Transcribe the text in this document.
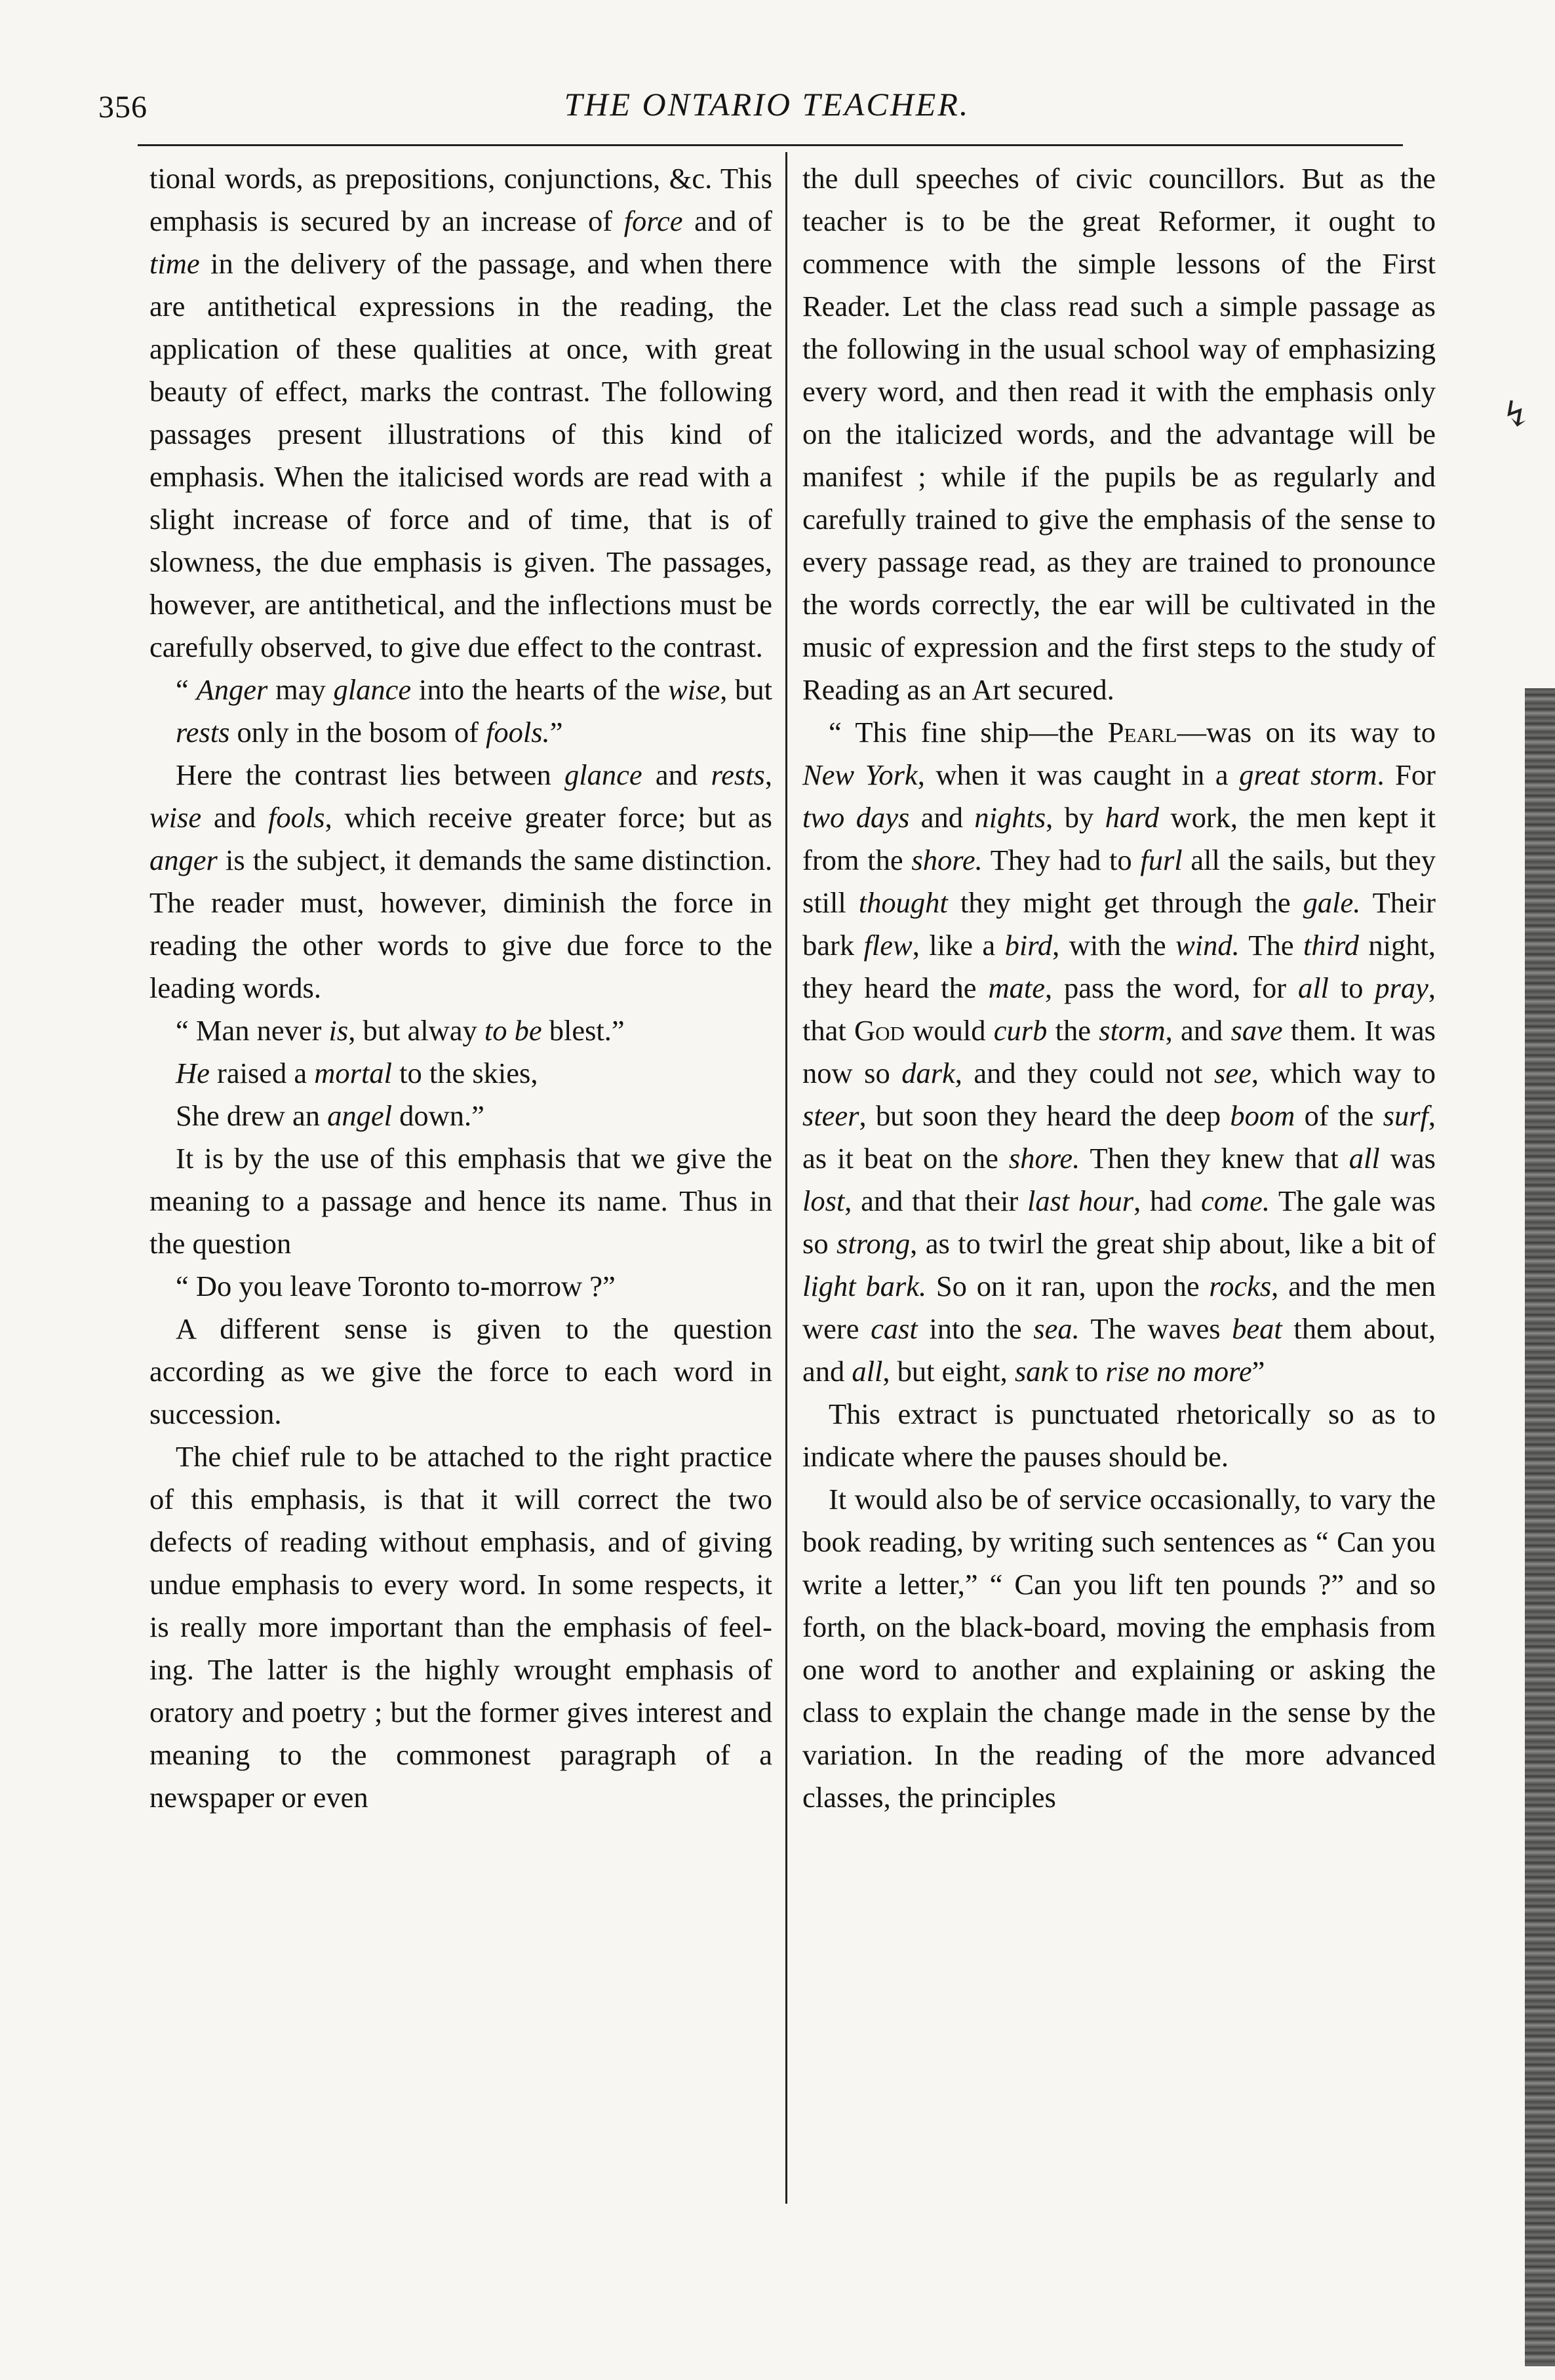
356	THE ONTARIO TEACHER.

tional words, as prepositions, conjunctions, &c. This emphasis is secured by an increase of force and of time in the delivery of the passage, and when there are antithetical expressions in the reading, the application of these qualities at once, with great beauty of effect, marks the contrast. The following passages present illustrations of this kind of emphasis. When the italicised words are read with a slight increase of force and of time, that is of slowness, the due emphasis is given. The passages, however, are antithetical, and the inflections must be carefully observed, to give due effect to the contrast.

“ Anger may glance into the hearts of the wise, but rests only in the bosom of fools.”

Here the contrast lies between glance and rests, wise and fools, which receive greater force; but as anger is the subject, it demands the same distinction. The reader must, however, diminish the force in reading the other words to give due force to the leading words.

“ Man never is, but alway to be blest.”

He raised a mortal to the skies,

She drew an angel down.”

It is by the use of this emphasis that we give the meaning to a passage and hence its name. Thus in the question

“ Do you leave Toronto to-morrow ?”

A different sense is given to the question according as we give the force to each word in succession.

The chief rule to be attached to the right practice of this emphasis, is that it will correct the two defects of reading without emphasis, and of giving undue emphasis to every word. In some respects, it is really more important than the emphasis of feeling. The latter is the highly wrought emphasis of oratory and poetry ; but the former gives interest and meaning to the commonest paragraph of a newspaper or even

the dull speeches of civic councillors. But as the teacher is to be the great Reformer, it ought to commence with the simple lessons of the First Reader. Let the class read such a simple passage as the following in the usual school way of emphasizing every word, and then read it with the emphasis only on the italicized words, and the advantage will be manifest ; while if the pupils be as regularly and carefully trained to give the emphasis of the sense to every passage read, as they are trained to pronounce the words correctly, the ear will be cultivated in the music of expression and the first steps to the study of Reading as an Art secured.

“ This fine ship—the Pearl—was on its way to New York, when it was caught in a great storm. For two days and nights, by hard work, the men kept it from the shore. They had to furl all the sails, but they still thought they might get through the gale. Their bark flew, like a bird, with the wind. The third night, they heard the mate, pass the word, for all to pray, that God would curb the storm, and save them. It was now so dark, and they could not see, which way to steer, but soon they heard the deep boom of the surf, as it beat on the shore. Then they knew that all was lost, and that their last hour, had come. The gale was so strong, as to twirl the great ship about, like a bit of light bark. So on it ran, upon the rocks, and the men were cast into the sea. The waves beat them about, and all, but eight, sank to rise no more”

This extract is punctuated rhetorically so as to indicate where the pauses should be.

It would also be of service occasionally, to vary the book reading, by writing such sentences as “ Can you write a letter,” “ Can you lift ten pounds ?” and so forth, on the black-board, moving the emphasis from one word to another and explaining or asking the class to explain the change made in the sense by the variation. In the reading of the more advanced classes, the principles

↯
